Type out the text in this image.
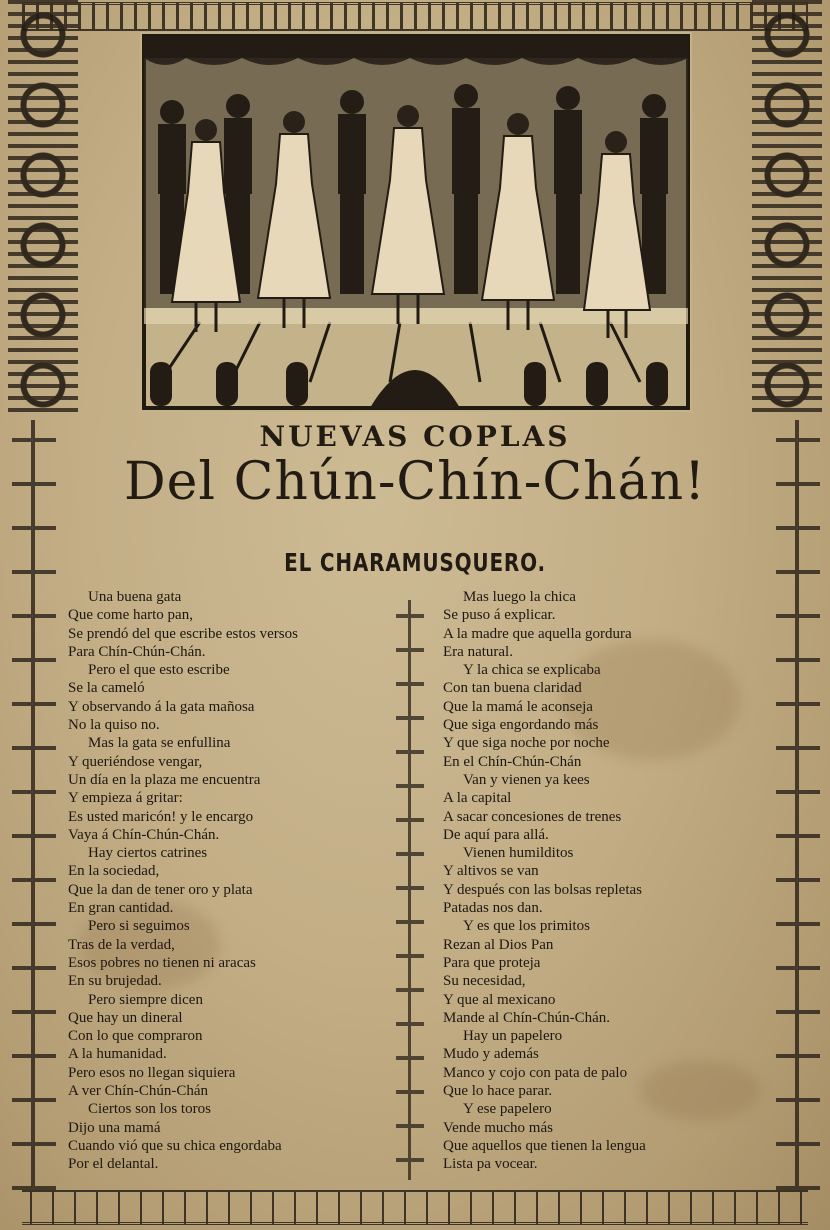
NUEVAS COPLAS
Del Chún-Chín-Chán!
EL CHARAMUSQUERO.
Una buena gata
Que come harto pan,
Se prendó del que escribe estos versos
Para Chín-Chún-Chán.
Pero el que esto escribe
Se la cameló
Y observando á la gata mañosa
No la quiso no.
Mas la gata se enfullina
Y queriéndose vengar,
Un día en la plaza me encuentra
Y empieza á gritar:
Es usted maricón! y le encargo
Vaya á Chín-Chún-Chán.
Hay ciertos catrines
En la sociedad,
Que la dan de tener oro y plata
En gran cantidad.
Pero si seguimos
Tras de la verdad,
Esos pobres no tienen ni aracas
En su brujedad.
Pero siempre dicen
Que hay un dineral
Con lo que compraron
A la humanidad.
Pero esos no llegan siquiera
A ver Chín-Chún-Chán
Ciertos son los toros
Dijo una mamá
Cuando vió que su chica engordaba
Por el delantal.
Mas luego la chica
Se puso á explicar.
A la madre que aquella gordura
Era natural.
Y la chica se explicaba
Con tan buena claridad
Que la mamá le aconseja
Que siga engordando más
Y que siga noche por noche
En el Chín-Chún-Chán
Van y vienen ya kees
A la capital
A sacar concesiones de trenes
De aquí para allá.
Vienen humilditos
Y altivos se van
Y después con las bolsas repletas
Patadas nos dan.
Y es que los primitos
Rezan al Dios Pan
Para que proteja
Su necesidad,
Y que al mexicano
Mande al Chín-Chún-Chán.
Hay un papelero
Mudo y además
Manco y cojo con pata de palo
Que lo hace parar.
Y ese papelero
Vende mucho más
Que aquellos que tienen la lengua
Lista pa vocear.
